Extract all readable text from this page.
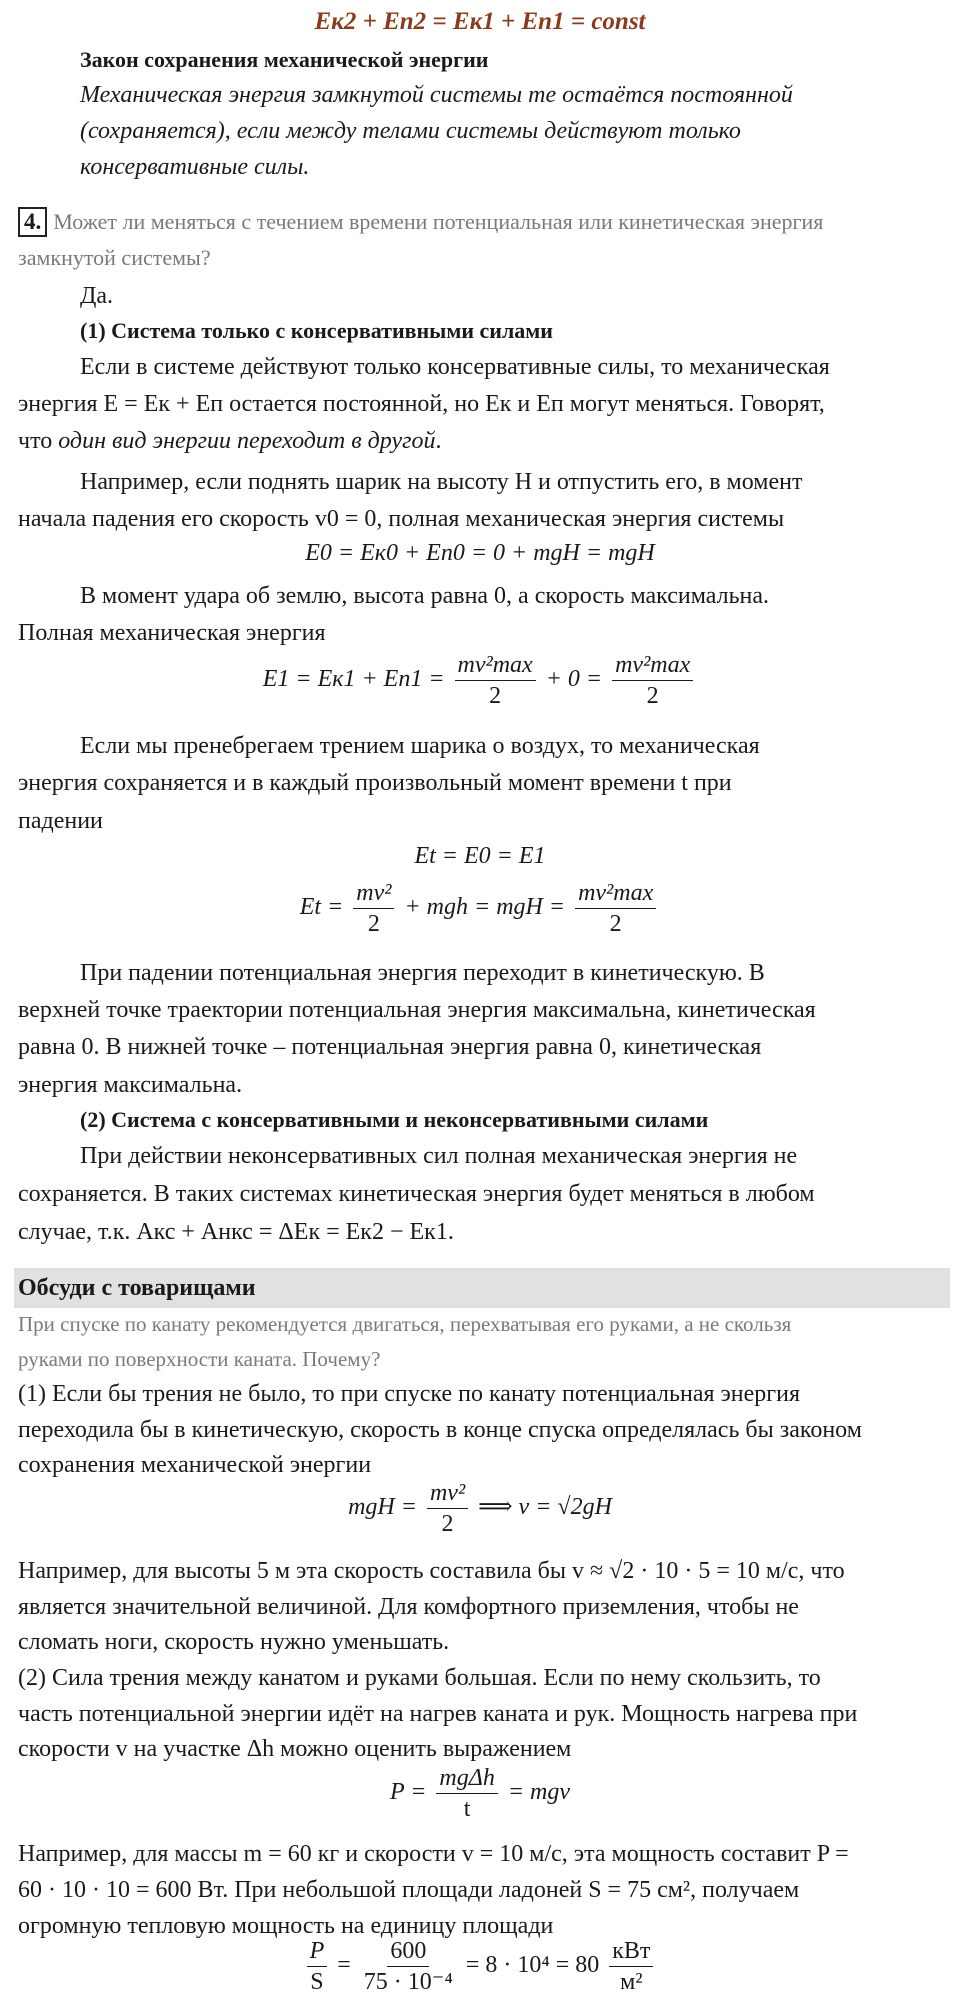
Eк2 + Eп2 = Eк1 + Eп1 = const
Закон сохранения механической энергии
Механическая энергия замкнутой системы те остаётся постоянной
(сохраняется), если между телами системы действуют только
консервативные силы.
4. Может ли меняться с течением времени потенциальная или кинетическая энергия
замкнутой системы?
Да.
(1) Система только с консервативными силами
Если в системе действуют только консервативные силы, то механическая
энергия E = Eк + Eп остается постоянной, но Eк и Eп могут меняться. Говорят,
что один вид энергии переходит в другой.
Например, если поднять шарик на высоту H и отпустить его, в момент
начала падения его скорость v0 = 0, полная механическая энергия системы
E0 = Eк0 + Eп0 = 0 + mgH = mgH
В момент удара об землю, высота равна 0, а скорость максимальна.
Полная механическая энергия
$E1 = Eк1 + Eп1 = \frac{\text{mv²max}}{2} + 0 = \frac{\text{mv²max}}{2}$
Если мы пренебрегаем трением шарика о воздух, то механическая
энергия сохраняется и в каждый произвольный момент времени t при
падении
Et = E0 = E1
$Et = \frac{\text{mv²}}{2}$ + mgh = mgH = $\frac{\text{mv²max}}{2}$
При падении потенциальная энергия переходит в кинетическую. В
верхней точке траектории потенциальная энергия максимальна, кинетическая
равна 0. В нижней точке – потенциальная энергия равна 0, кинетическая
энергия максимальна.
(2) Система с консервативными и неконсервативными силами
При действии неконсервативных сил полная механическая энергия не
сохраняется. В таких системах кинетическая энергия будет меняться в любом
случае, т.к. Aкс + Aнкс = ΔEк = Eк2 − Eк1.
Обсуди с товарищами
При спуске по канату рекомендуется двигаться, перехватывая его руками, а не скользя
руками по поверхности каната. Почему?
(1) Если бы трения не было, то при спуске по канату потенциальная энергия
переходила бы в кинетическую, скорость в конце спуска определялась бы законом
сохранения механической энергии
mgH = $\frac{\text{mv²}}{2}$ ⟹ v = √2gH
Например, для высоты 5 м эта скорость составила бы v ≈ √2 · 10 · 5 = 10 м/с, что
является значительной величиной. Для комфортного приземления, чтобы не
сломать ноги, скорость нужно уменьшать.
(2) Сила трения между канатом и руками большая. Если по нему скользить, то
часть потенциальной энергии идёт на нагрев каната и рук. Мощность нагрева при
скорости v на участке Δh можно оценить выражением
$P = \frac{\text{mgΔh}}{t}$ = mgv
Например, для массы m = 60 кг и скорости v = 10 м/с, эта мощность составит P =
60 · 10 · 10 = 600 Вт. При небольшой площади ладоней S = 75 см², получаем
огромную тепловую мощность на единицу площади
$\frac{P}{S} = \frac{600}{\text{75 · 10⁻⁴}} = 8 \cdot 10^4 = 80 \frac{\text{кВт}}{\text{м²}}$
